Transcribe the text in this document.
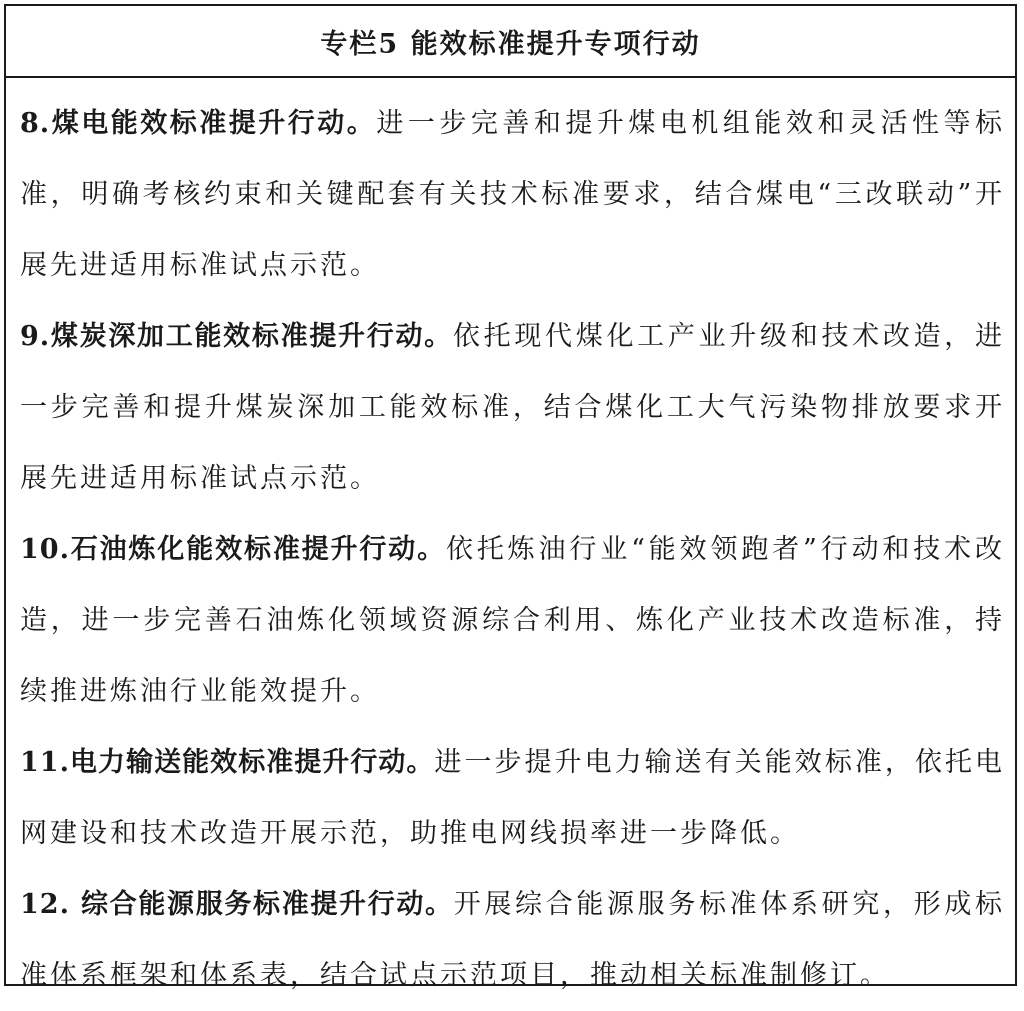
专栏5 能效标准提升专项行动

8.煤电能效标准提升行动。进一步完善和提升煤电机组能效和灵活性等标准，明确考核约束和关键配套有关技术标准要求，结合煤电“三改联动”开展先进适用标准试点示范。

9.煤炭深加工能效标准提升行动。依托现代煤化工产业升级和技术改造，进一步完善和提升煤炭深加工能效标准，结合煤化工大气污染物排放要求开展先进适用标准试点示范。

10.石油炼化能效标准提升行动。依托炼油行业“能效领跑者”行动和技术改造，进一步完善石油炼化领域资源综合利用、炼化产业技术改造标准，持续推进炼油行业能效提升。

11.电力输送能效标准提升行动。进一步提升电力输送有关能效标准，依托电网建设和技术改造开展示范，助推电网线损率进一步降低。

12. 综合能源服务标准提升行动。开展综合能源服务标准体系研究，形成标准体系框架和体系表，结合试点示范项目，推动相关标准制修订。
